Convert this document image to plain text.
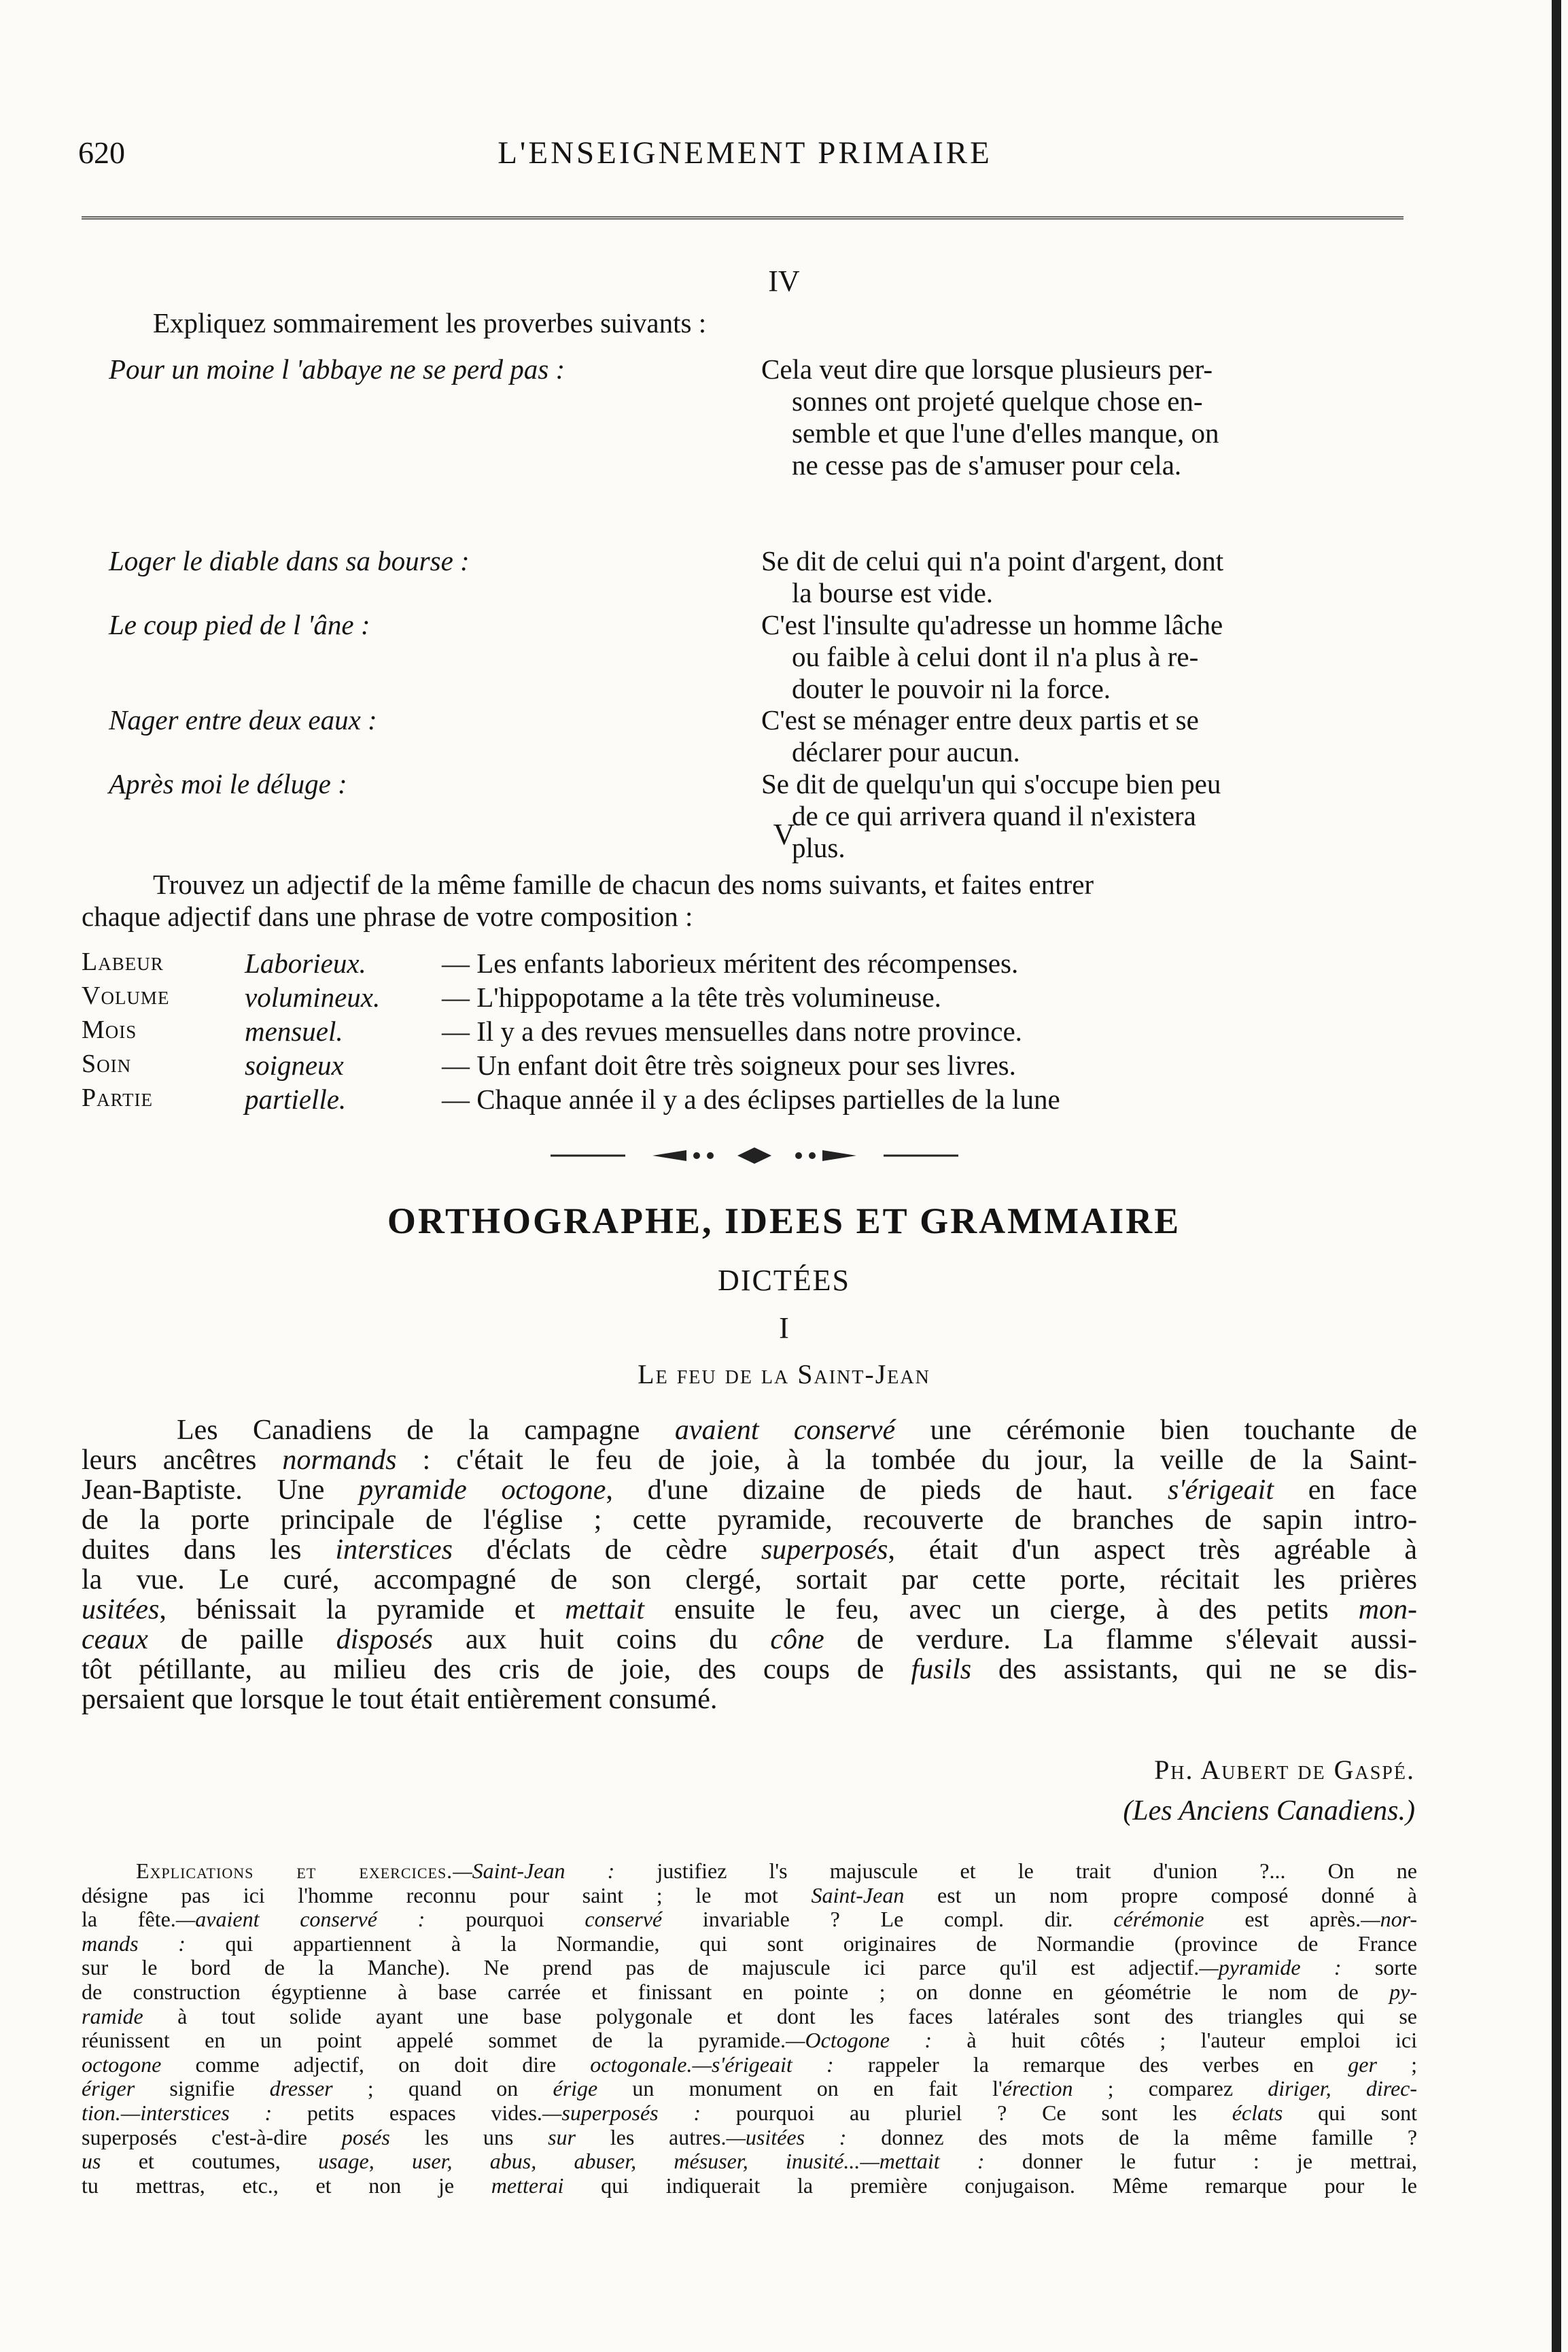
620	L'ENSEIGNEMENT PRIMAIRE
IV
Expliquez sommairement les proverbes suivants :
Pour un moine l 'abbaye ne se perd pas :	Cela veut dire que lorsque plusieurs per-
sonnes ont projeté quelque chose en-
semble et que l'une d'elles manque, on
ne cesse pas de s'amuser pour cela.
Loger le diable dans sa bourse :	Se dit de celui qui n'a point d'argent, dont
la bourse est vide.
Le coup pied de l 'âne :	C'est l'insulte qu'adresse un homme lâche
ou faible à celui dont il n'a plus à re-
douter le pouvoir ni la force.
Nager entre deux eaux :	C'est se ménager entre deux partis et se
déclarer pour aucun.
Après moi le déluge :	Se dit de quelqu'un qui s'occupe bien peu
de ce qui arrivera quand il n'existera
plus.
V
Trouvez un adjectif de la même famille de chacun des noms suivants, et faites entrer
chaque adjectif dans une phrase de votre composition :
Labeur	Laborieux.	— Les enfants laborieux méritent des récompenses.
Volume	volumineux. — L'hippopotame a la tête très volumineuse.
Mois	mensuel.	— Il y a des revues mensuelles dans notre province.
Soin	soigneux	— Un enfant doit être très soigneux pour ses livres.
Partie	partielle.	— Chaque année il y a des éclipses partielles de la lune
ORTHOGRAPHE, IDEES ET GRAMMAIRE
DICTÉES
I
Le feu de la Saint-Jean
Les Canadiens de la campagne avaient conservé une cérémonie bien touchante de
leurs ancêtres normands : c'était le feu de joie, à la tombée du jour, la veille de la Saint-
Jean-Baptiste. Une pyramide octogone, d'une dizaine de pieds de haut. s'érigeait en face
de la porte principale de l'église ; cette pyramide, recouverte de branches de sapin intro-
duites dans les interstices d'éclats de cèdre superposés, était d'un aspect très agréable à
la vue. Le curé, accompagné de son clergé, sortait par cette porte, récitait les prières
usitées, bénissait la pyramide et mettait ensuite le feu, avec un cierge, à des petits mon-
ceaux de paille disposés aux huit coins du cône de verdure. La flamme s'élevait aussi-
tôt pétillante, au milieu des cris de joie, des coups de fusils des assistants, qui ne se dis-
persaient que lorsque le tout était entièrement consumé.
Ph. Aubert de Gaspé.
(Les Anciens Canadiens.)
Explications et exercices.—Saint-Jean : justifiez l's majuscule et le trait d'union ?... On ne
désigne pas ici l'homme reconnu pour saint ; le mot Saint-Jean est un nom propre composé donné à
la fête.—avaient conservé : pourquoi conservé invariable ? Le compl. dir. cérémonie est après.—nor-
mands : qui appartiennent à la Normandie, qui sont originaires de Normandie (province de France
sur le bord de la Manche). Ne prend pas de majuscule ici parce qu'il est adjectif.—pyramide : sorte
de construction égyptienne à base carrée et finissant en pointe ; on donne en géométrie le nom de py-
ramide à tout solide ayant une base polygonale et dont les faces latérales sont des triangles qui se
réunissent en un point appelé sommet de la pyramide.—Octogone : à huit côtés ; l'auteur emploi ici
octogone comme adjectif, on doit dire octogonale.—s'érigeait : rappeler la remarque des verbes en ger ;
ériger signifie dresser ; quand on érige un monument on en fait l'érection ; comparez diriger, direc-
tion.—interstices : petits espaces vides.—superposés : pourquoi au pluriel ? Ce sont les éclats qui sont
superposés c'est-à-dire posés les uns sur les autres.—usitées : donnez des mots de la même famille ?
us et coutumes, usage, user, abus, abuser, mésuser, inusité...—mettait : donner le futur : je mettrai,
tu mettras, etc., et non je metterai qui indiquerait la première conjugaison. Même remarque pour le
